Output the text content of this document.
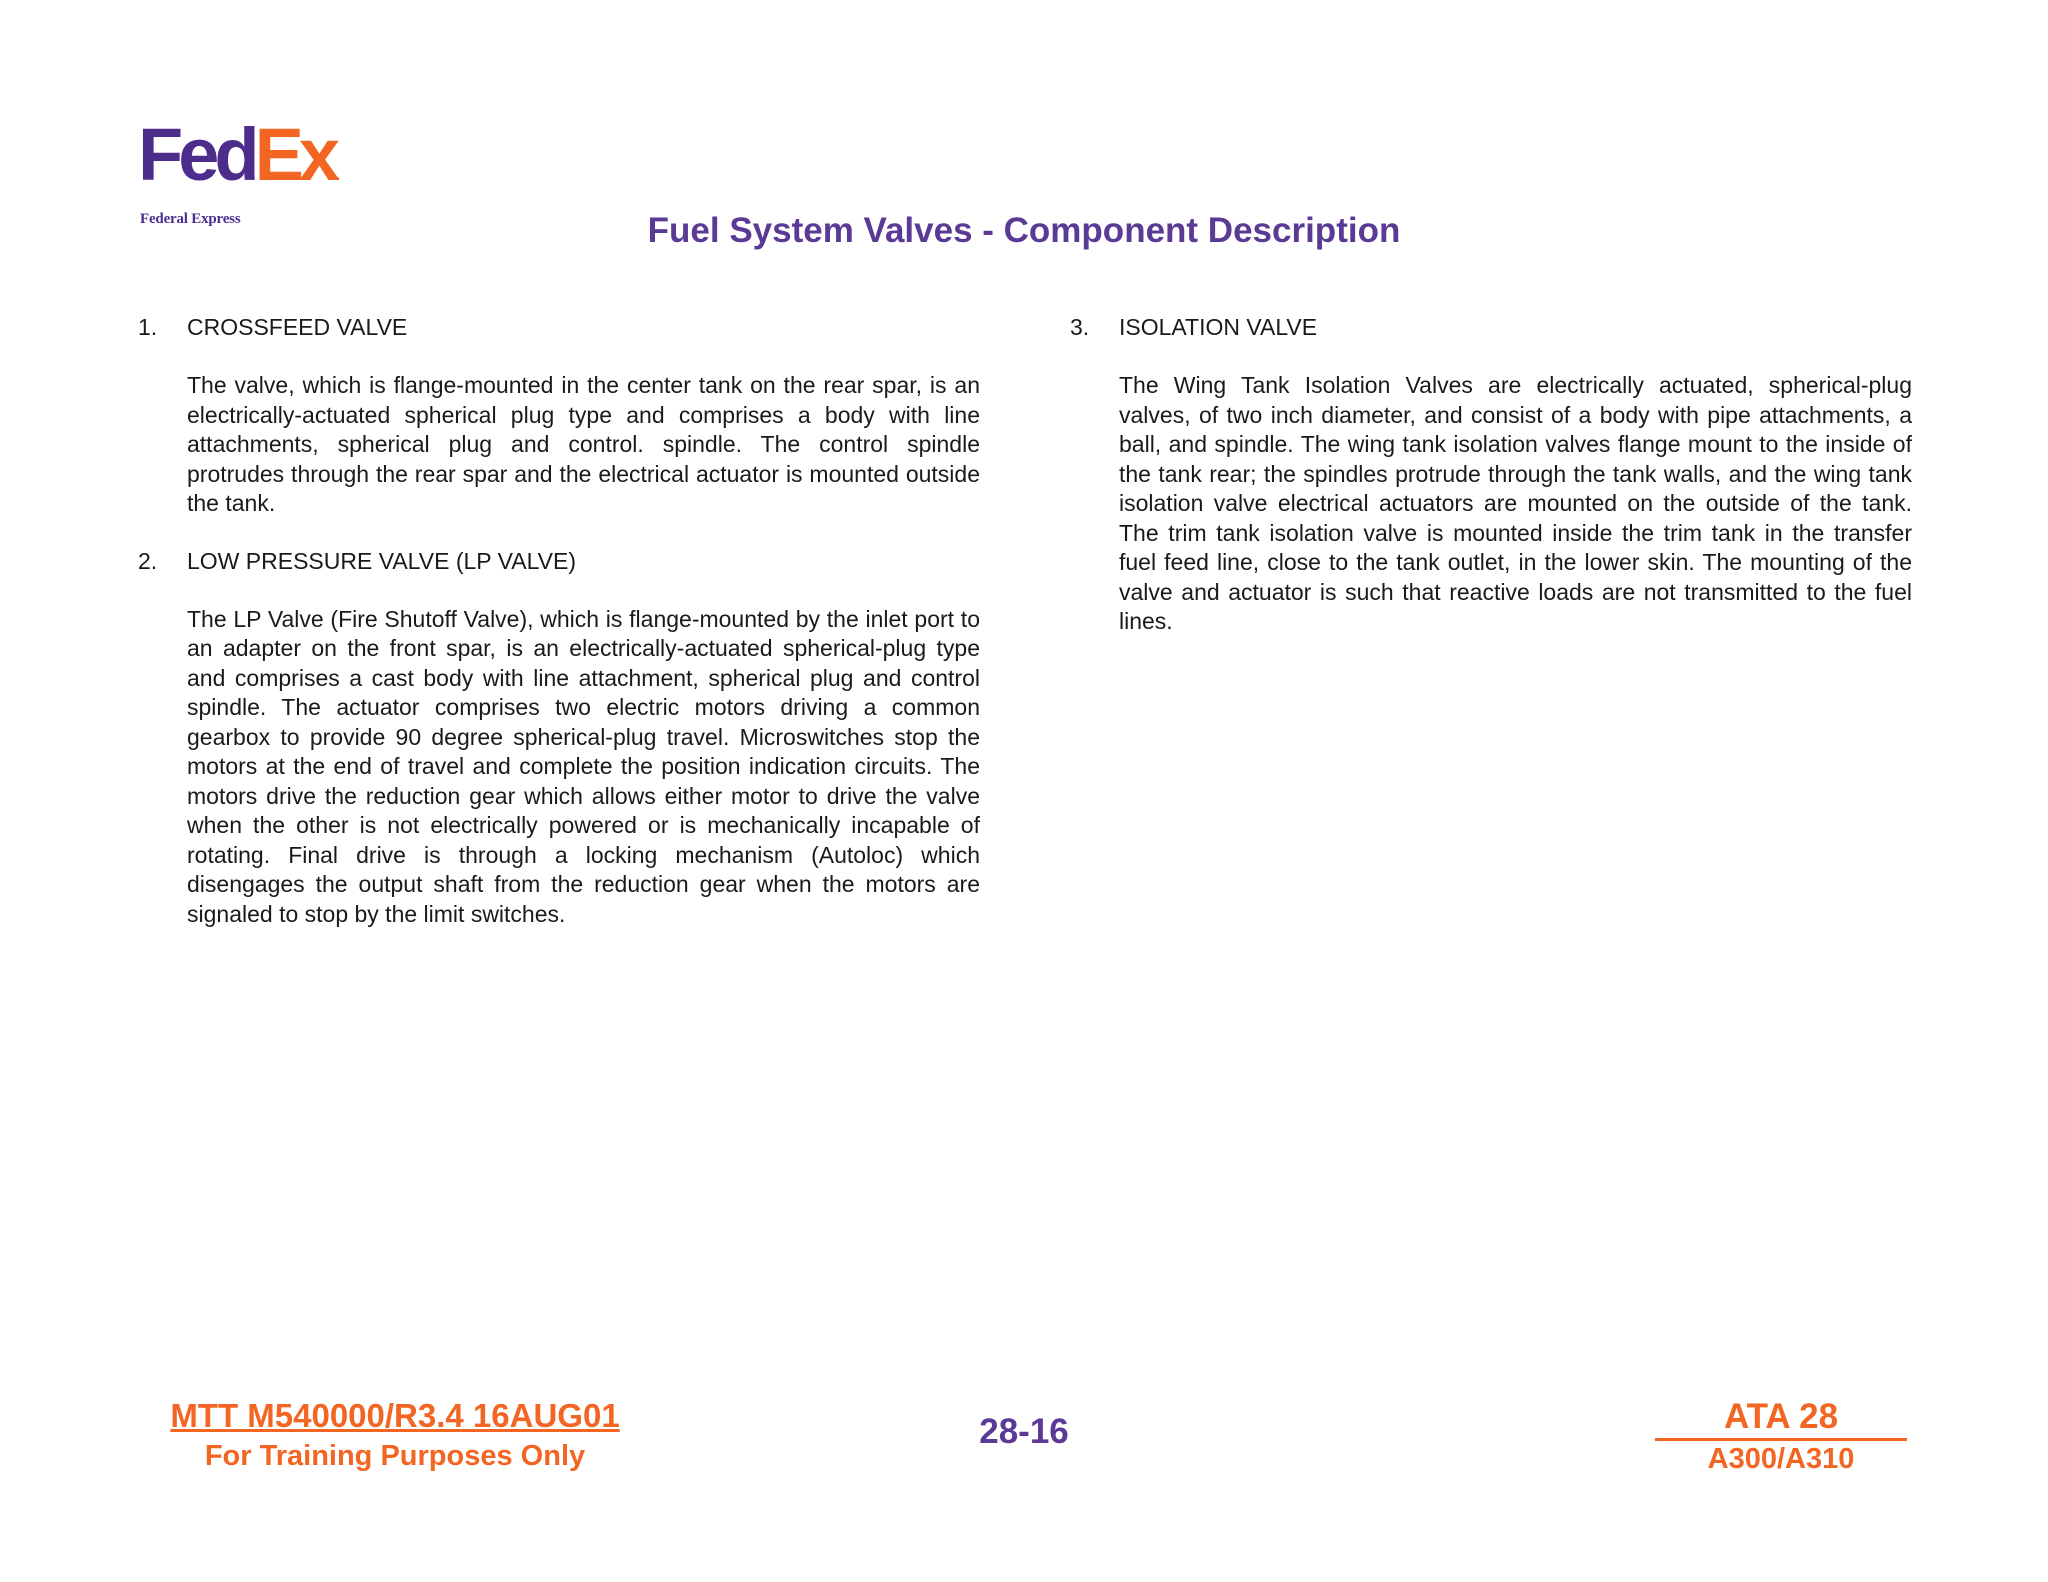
FedEx.
Federal Express	Fuel System Valves - Component Description
1.	CROSSFEED VALVE
The valve, which is flange-mounted in the center tank on the rear spar, is an electrically-actuated spherical plug type and comprises a body with line attachments, spherical plug and control. spindle. The control spindle protrudes through the rear spar and the electrical actuator is mounted outside the tank.
2.	LOW PRESSURE VALVE (LP VALVE)
The LP Valve (Fire Shutoff Valve), which is flange-mounted by the inlet port to an adapter on the front spar, is an electrically-actuated spherical-plug type and comprises a cast body with line attachment, spherical plug and control spindle. The actuator comprises two electric motors driving a common gearbox to provide 90 degree spherical-plug travel. Microswitches stop the motors at the end of travel and complete the position indication circuits. The motors drive the reduction gear which allows either motor to drive the valve when the other is not electrically powered or is mechanically incapable of rotating. Final drive is through a locking mechanism (Autoloc) which disengages the output shaft from the reduction gear when the motors are signaled to stop by the limit switches.
3.	ISOLATION VALVE
The Wing Tank Isolation Valves are electrically actuated, spherical-plug valves, of two inch diameter, and consist of a body with pipe attachments, a ball, and spindle. The wing tank isolation valves flange mount to the inside of the tank rear; the spindles protrude through the tank walls, and the wing tank isolation valve electrical actuators are mounted on the outside of the tank. The trim tank isolation valve is mounted inside the trim tank in the transfer fuel feed line, close to the tank outlet, in the lower skin. The mounting of the valve and actuator is such that reactive loads are not transmitted to the fuel lines.
MTT M540000/R3.4 16AUG01
For Training Purposes Only
28-16	ATA 28
A300/A310
